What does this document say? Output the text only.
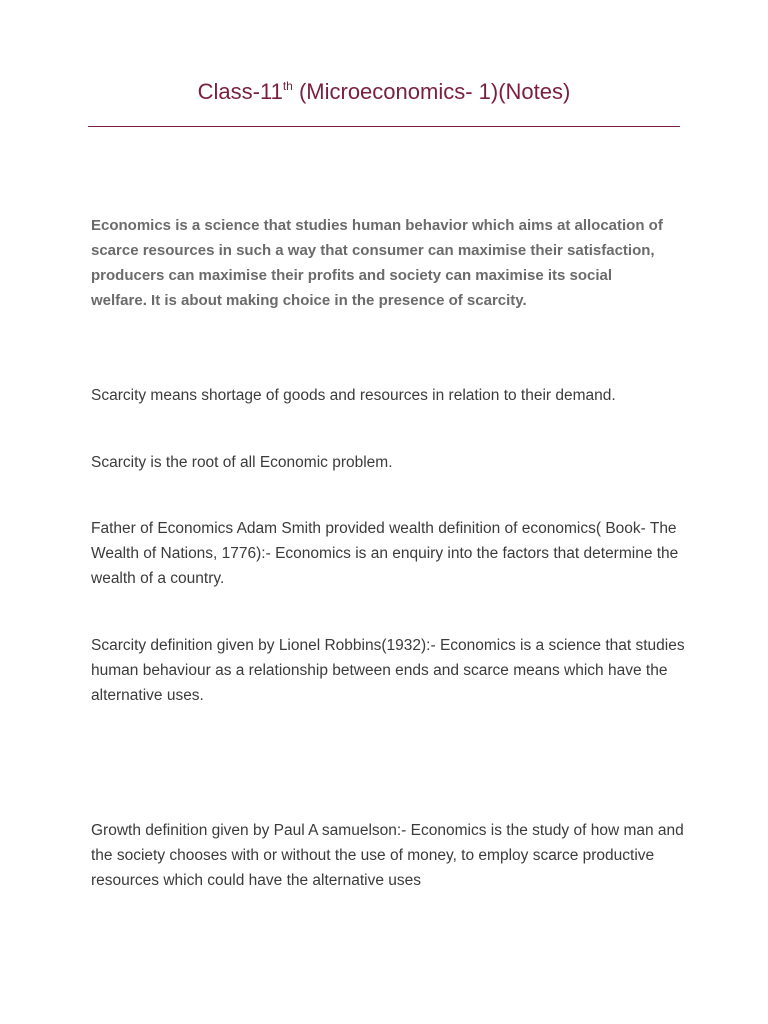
Class-11th (Microeconomics- 1)(Notes)

Economics is a science that studies human behavior which aims at allocation of scarce resources in such a way that consumer can maximise their satisfaction, producers can maximise their profits and society can maximise its social welfare. It is about making choice in the presence of scarcity.

Scarcity means shortage of goods and resources in relation to their demand.

Scarcity is the root of all Economic problem.

Father of Economics Adam Smith provided wealth definition of economics( Book- The Wealth of Nations, 1776):- Economics is an enquiry into the factors that determine the wealth of a country.

Scarcity definition given by Lionel Robbins(1932):- Economics is a science that studies human behaviour as a relationship between ends and scarce means which have the alternative uses.

Growth definition given by Paul A samuelson:- Economics is the study of how man and the society chooses with or without the use of money, to employ scarce productive resources which could have the alternative uses
